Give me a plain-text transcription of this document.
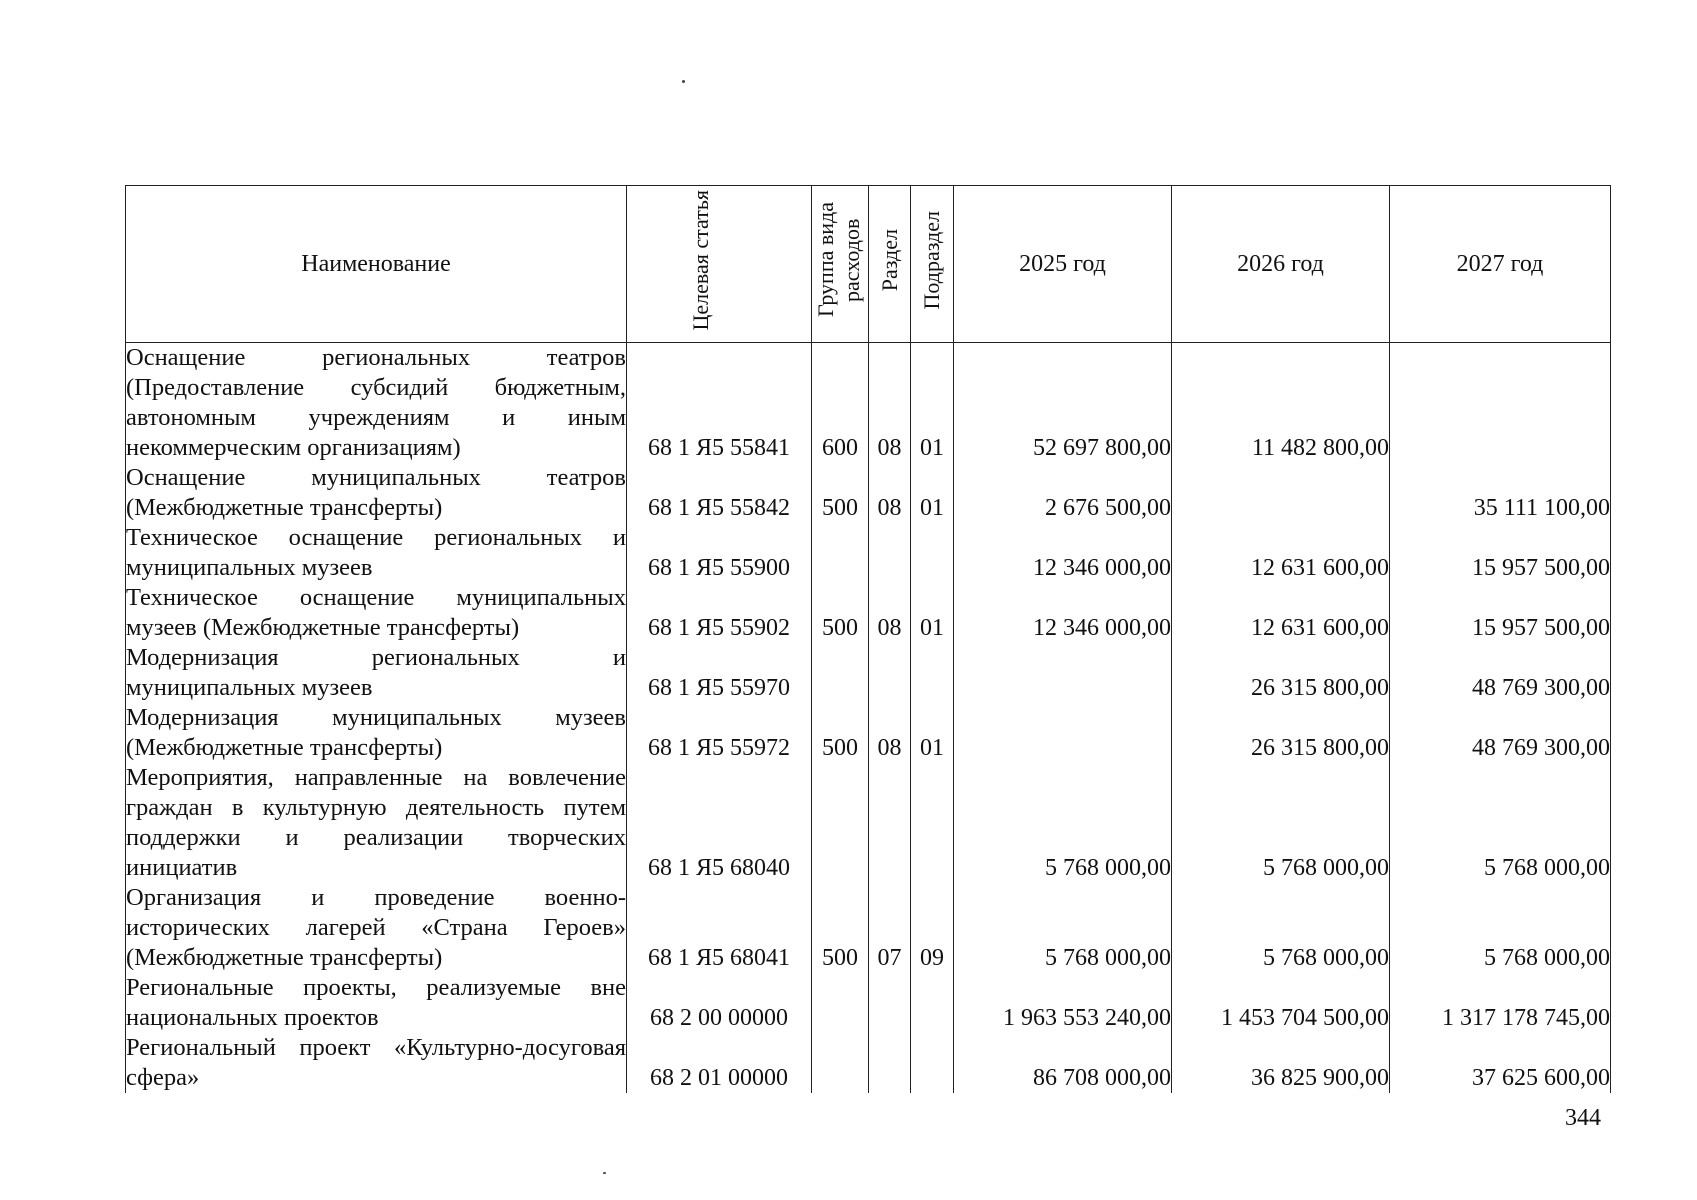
Наименование	Целевая статья	Группа вида расходов	Раздел	Подраздел	2025 год	2026 год	2027 год
Оснащение региональных театров (Предоставление субсидий бюджетным, автономным учреждениям и иным некоммерческим организациям)	68 1 Я5 55841	600	08	01	52 697 800,00	11 482 800,00	
Оснащение муниципальных театров (Межбюджетные трансферты)	68 1 Я5 55842	500	08	01	2 676 500,00		35 111 100,00
Техническое оснащение региональных и муниципальных музеев	68 1 Я5 55900				12 346 000,00	12 631 600,00	15 957 500,00
Техническое оснащение муниципальных музеев (Межбюджетные трансферты)	68 1 Я5 55902	500	08	01	12 346 000,00	12 631 600,00	15 957 500,00
Модернизация региональных и муниципальных музеев	68 1 Я5 55970					26 315 800,00	48 769 300,00
Модернизация муниципальных музеев (Межбюджетные трансферты)	68 1 Я5 55972	500	08	01		26 315 800,00	48 769 300,00
Мероприятия, направленные на вовлечение граждан в культурную деятельность путем поддержки и реализации творческих инициатив	68 1 Я5 68040				5 768 000,00	5 768 000,00	5 768 000,00
Организация и проведение военно-исторических лагерей «Страна Героев» (Межбюджетные трансферты)	68 1 Я5 68041	500	07	09	5 768 000,00	5 768 000,00	5 768 000,00
Региональные проекты, реализуемые вне национальных проектов	68 2 00 00000				1 963 553 240,00	1 453 704 500,00	1 317 178 745,00
Региональный проект «Культурно-досуговая сфера»	68 2 01 00000				86 708 000,00	36 825 900,00	37 625 600,00
344
